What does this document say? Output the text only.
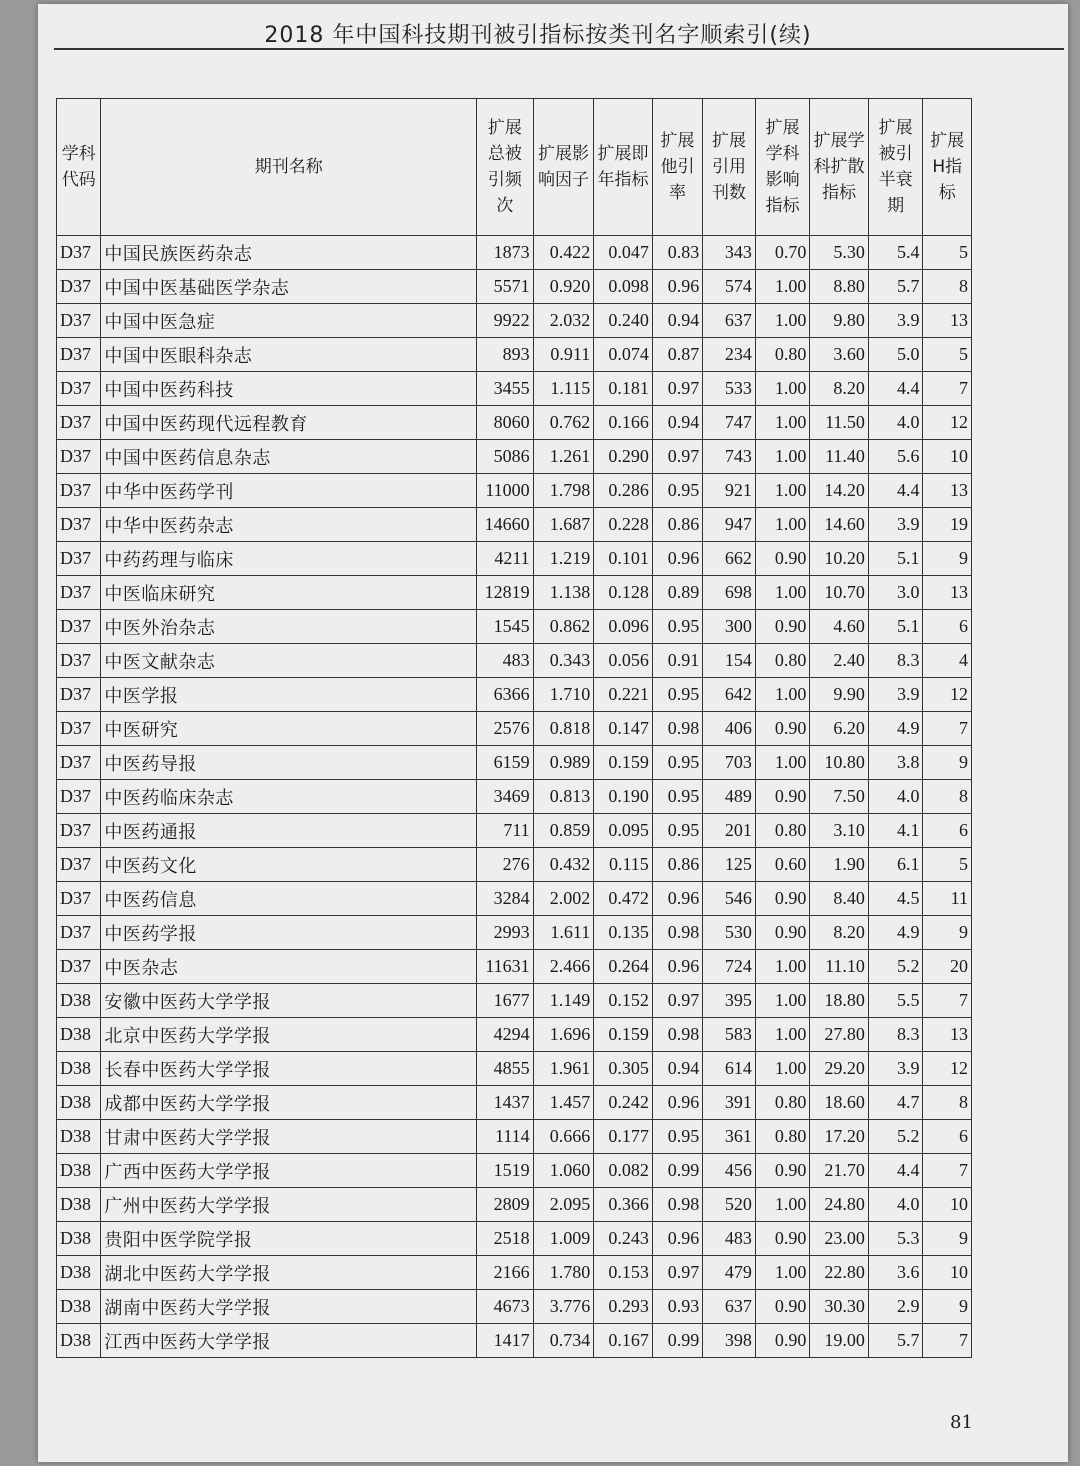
2018 年中国科技期刊被引指标按类刊名字顺索引(续)
学科代码	期刊名称	扩展总被引频次	扩展影响因子	扩展即年指标	扩展他引率	扩展引用刊数	扩展学科影响指标	扩展学科扩散指标	扩展被引半衰期	扩展H指标
D37	中国民族医药杂志	1873	0.422	0.047	0.83	343	0.70	5.30	5.4	5
D37	中国中医基础医学杂志	5571	0.920	0.098	0.96	574	1.00	8.80	5.7	8
D37	中国中医急症	9922	2.032	0.240	0.94	637	1.00	9.80	3.9	13
D37	中国中医眼科杂志	893	0.911	0.074	0.87	234	0.80	3.60	5.0	5
D37	中国中医药科技	3455	1.115	0.181	0.97	533	1.00	8.20	4.4	7
D37	中国中医药现代远程教育	8060	0.762	0.166	0.94	747	1.00	11.50	4.0	12
D37	中国中医药信息杂志	5086	1.261	0.290	0.97	743	1.00	11.40	5.6	10
D37	中华中医药学刊	11000	1.798	0.286	0.95	921	1.00	14.20	4.4	13
D37	中华中医药杂志	14660	1.687	0.228	0.86	947	1.00	14.60	3.9	19
D37	中药药理与临床	4211	1.219	0.101	0.96	662	0.90	10.20	5.1	9
D37	中医临床研究	12819	1.138	0.128	0.89	698	1.00	10.70	3.0	13
D37	中医外治杂志	1545	0.862	0.096	0.95	300	0.90	4.60	5.1	6
D37	中医文献杂志	483	0.343	0.056	0.91	154	0.80	2.40	8.3	4
D37	中医学报	6366	1.710	0.221	0.95	642	1.00	9.90	3.9	12
D37	中医研究	2576	0.818	0.147	0.98	406	0.90	6.20	4.9	7
D37	中医药导报	6159	0.989	0.159	0.95	703	1.00	10.80	3.8	9
D37	中医药临床杂志	3469	0.813	0.190	0.95	489	0.90	7.50	4.0	8
D37	中医药通报	711	0.859	0.095	0.95	201	0.80	3.10	4.1	6
D37	中医药文化	276	0.432	0.115	0.86	125	0.60	1.90	6.1	5
D37	中医药信息	3284	2.002	0.472	0.96	546	0.90	8.40	4.5	11
D37	中医药学报	2993	1.611	0.135	0.98	530	0.90	8.20	4.9	9
D37	中医杂志	11631	2.466	0.264	0.96	724	1.00	11.10	5.2	20
D38	安徽中医药大学学报	1677	1.149	0.152	0.97	395	1.00	18.80	5.5	7
D38	北京中医药大学学报	4294	1.696	0.159	0.98	583	1.00	27.80	8.3	13
D38	长春中医药大学学报	4855	1.961	0.305	0.94	614	1.00	29.20	3.9	12
D38	成都中医药大学学报	1437	1.457	0.242	0.96	391	0.80	18.60	4.7	8
D38	甘肃中医药大学学报	1114	0.666	0.177	0.95	361	0.80	17.20	5.2	6
D38	广西中医药大学学报	1519	1.060	0.082	0.99	456	0.90	21.70	4.4	7
D38	广州中医药大学学报	2809	2.095	0.366	0.98	520	1.00	24.80	4.0	10
D38	贵阳中医学院学报	2518	1.009	0.243	0.96	483	0.90	23.00	5.3	9
D38	湖北中医药大学学报	2166	1.780	0.153	0.97	479	1.00	22.80	3.6	10
D38	湖南中医药大学学报	4673	3.776	0.293	0.93	637	0.90	30.30	2.9	9
D38	江西中医药大学学报	1417	0.734	0.167	0.99	398	0.90	19.00	5.7	7
81
